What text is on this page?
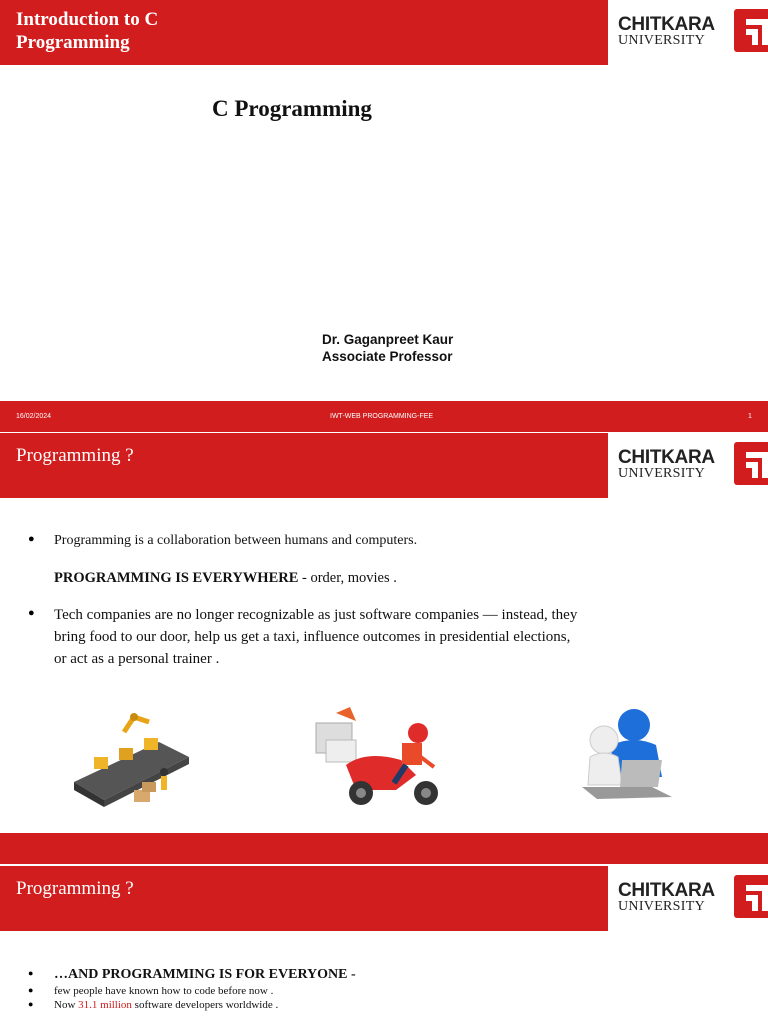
Introduction to C Programming
CHITKARA
UNIVERSITY
C Programming
Dr. Gaganpreet Kaur
Associate Professor
16/02/2024	IWT-WEB PROGRAMMING-FEE	1
Programming ?	CHITKARA
UNIVERSITY
● Programming is a collaboration between humans and computers.
PROGRAMMING IS EVERYWHERE - order, movies .
● Tech companies are no longer recognizable as just software companies — instead, they bring food to our door, help us get a taxi, influence outcomes in presidential elections, or act as a personal trainer .
Programming ?	CHITKARA
UNIVERSITY
● …AND PROGRAMMING IS FOR EVERYONE -
● few people have known how to code before now .
● Now 31.1 million software developers worldwide .
